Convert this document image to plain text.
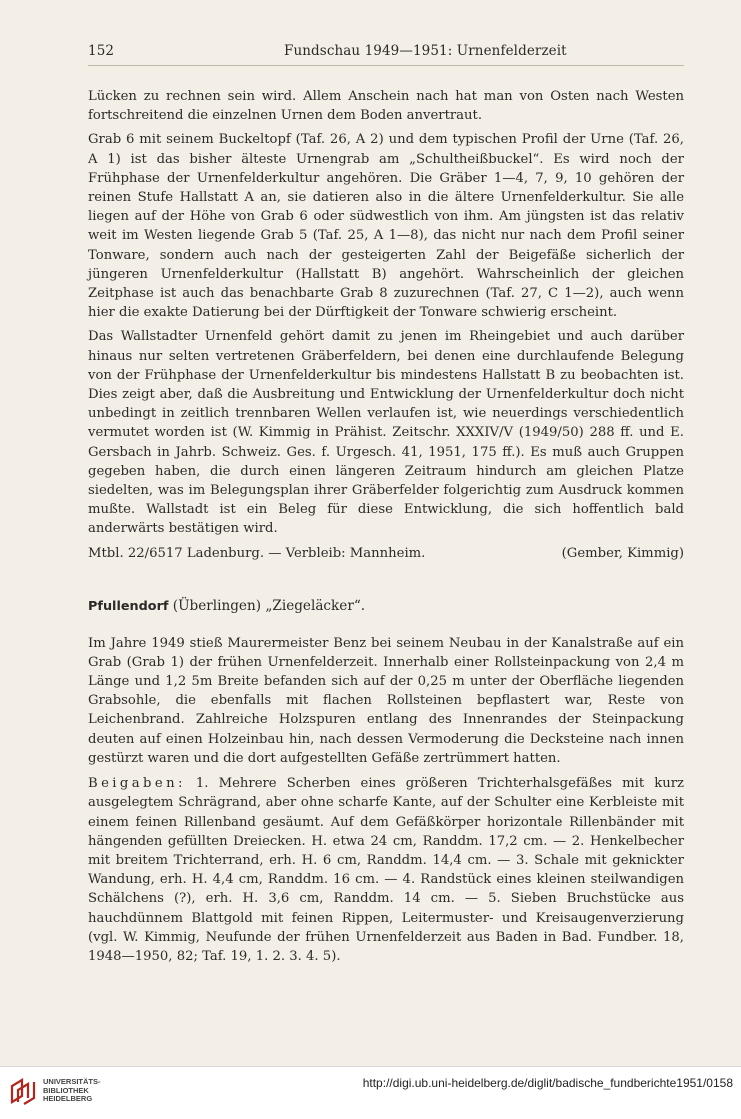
152	Fundschau 1949—1951: Urnenfelderzeit

Lücken zu rechnen sein wird. Allem Anschein nach hat man von Osten nach Westen fortschreitend die einzelnen Urnen dem Boden anvertraut.

Grab 6 mit seinem Buckeltopf (Taf. 26, A 2) und dem typischen Profil der Urne (Taf. 26, A 1) ist das bisher älteste Urnengrab am „Schultheißbuckel“. Es wird noch der Frühphase der Urnenfelderkultur angehören. Die Gräber 1—4, 7, 9, 10 gehören der reinen Stufe Hallstatt A an, sie datieren also in die ältere Urnenfelderkultur. Sie alle liegen auf der Höhe von Grab 6 oder südwestlich von ihm. Am jüngsten ist das relativ weit im Westen liegende Grab 5 (Taf. 25, A 1—8), das nicht nur nach dem Profil seiner Tonware, sondern auch nach der gesteigerten Zahl der Beigefäße sicherlich der jüngeren Urnenfelderkultur (Hallstatt B) angehört. Wahrscheinlich der gleichen Zeitphase ist auch das benachbarte Grab 8 zuzurechnen (Taf. 27, C 1—2), auch wenn hier die exakte Datierung bei der Dürftigkeit der Tonware schwierig erscheint.

Das Wallstadter Urnenfeld gehört damit zu jenen im Rheingebiet und auch darüber hinaus nur selten vertretenen Gräberfeldern, bei denen eine durchlaufende Belegung von der Frühphase der Urnenfelderkultur bis mindestens Hallstatt B zu beobachten ist. Dies zeigt aber, daß die Ausbreitung und Entwicklung der Urnenfelderkultur doch nicht unbedingt in zeitlich trennbaren Wellen verlaufen ist, wie neuerdings verschiedentlich vermutet worden ist (W. Kimmig in Prähist. Zeitschr. XXXIV/V (1949/50) 288 ff. und E. Gersbach in Jahrb. Schweiz. Ges. f. Urgesch. 41, 1951, 175 ff.). Es muß auch Gruppen gegeben haben, die durch einen längeren Zeitraum hindurch am gleichen Platze siedelten, was im Belegungsplan ihrer Gräberfelder folgerichtig zum Ausdruck kommen mußte. Wallstadt ist ein Beleg für diese Entwicklung, die sich hoffentlich bald anderwärts bestätigen wird.

Mtbl. 22/6517 Ladenburg. — Verbleib: Mannheim.	(Gember, Kimmig)
Pfullendorf (Überlingen) „Ziegeläcker“.

Im Jahre 1949 stieß Maurermeister Benz bei seinem Neubau in der Kanalstraße auf ein Grab (Grab 1) der frühen Urnenfelderzeit. Innerhalb einer Rollsteinpackung von 2,4 m Länge und 1,2 5m Breite befanden sich auf der 0,25 m unter der Oberfläche liegenden Grabsohle, die ebenfalls mit flachen Rollsteinen bepflastert war, Reste von Leichenbrand. Zahlreiche Holzspuren entlang des Innenrandes der Steinpackung deuten auf einen Holzeinbau hin, nach dessen Vermoderung die Decksteine nach innen gestürzt waren und die dort aufgestellten Gefäße zertrümmert hatten.

Beigaben: 1. Mehrere Scherben eines größeren Trichterhalsgefäßes mit kurz ausgelegtem Schrägrand, aber ohne scharfe Kante, auf der Schulter eine Kerbleiste mit einem feinen Rillenband gesäumt. Auf dem Gefäßkörper horizontale Rillenbänder mit hängenden gefüllten Dreiecken. H. etwa 24 cm, Randdm. 17,2 cm. — 2. Henkelbecher mit breitem Trichterrand, erh. H. 6 cm, Randdm. 14,4 cm. — 3. Schale mit geknickter Wandung, erh. H. 4,4 cm, Randdm. 16 cm. — 4. Randstück eines kleinen steilwandigen Schälchens (?), erh. H. 3,6 cm, Randdm. 14 cm. — 5. Sieben Bruchstücke aus hauchdünnem Blattgold mit feinen Rippen, Leitermuster- und Kreisaugenverzierung (vgl. W. Kimmig, Neufunde der frühen Urnenfelderzeit aus Baden in Bad. Fundber. 18, 1948—1950, 82; Taf. 19, 1. 2. 3. 4. 5).

UNIVERSITÄTS-
BIBLIOTHEK
HEIDELBERG
http://digi.ub.uni-heidelberg.de/diglit/badische_fundberichte1951/0158
